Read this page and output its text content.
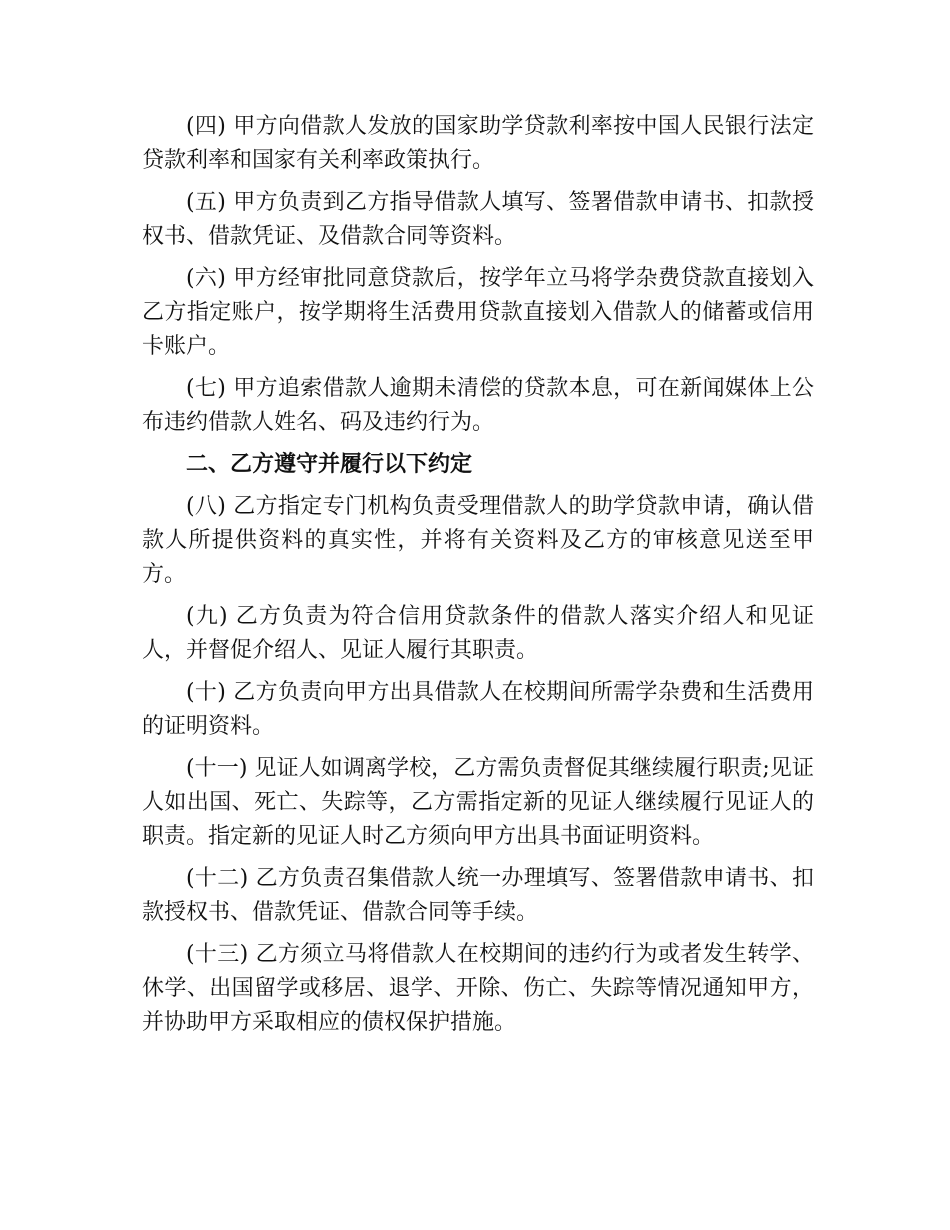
(四) 甲方向借款人发放的国家助学贷款利率按中国人民银行法定贷款利率和国家有关利率政策执行。

(五) 甲方负责到乙方指导借款人填写、签署借款申请书、扣款授权书、借款凭证、及借款合同等资料。

(六) 甲方经审批同意贷款后，按学年立马将学杂费贷款直接划入乙方指定账户，按学期将生活费用贷款直接划入借款人的储蓄或信用卡账户。

(七) 甲方追索借款人逾期未清偿的贷款本息，可在新闻媒体上公布违约借款人姓名、码及违约行为。

二、乙方遵守并履行以下约定

(八) 乙方指定专门机构负责受理借款人的助学贷款申请，确认借款人所提供资料的真实性，并将有关资料及乙方的审核意见送至甲方。

(九) 乙方负责为符合信用贷款条件的借款人落实介绍人和见证人，并督促介绍人、见证人履行其职责。

(十) 乙方负责向甲方出具借款人在校期间所需学杂费和生活费用的证明资料。

(十一) 见证人如调离学校，乙方需负责督促其继续履行职责;见证人如出国、死亡、失踪等，乙方需指定新的见证人继续履行见证人的职责。指定新的见证人时乙方须向甲方出具书面证明资料。

(十二) 乙方负责召集借款人统一办理填写、签署借款申请书、扣款授权书、借款凭证、借款合同等手续。

(十三) 乙方须立马将借款人在校期间的违约行为或者发生转学、休学、出国留学或移居、退学、开除、伤亡、失踪等情况通知甲方，并协助甲方采取相应的债权保护措施。
